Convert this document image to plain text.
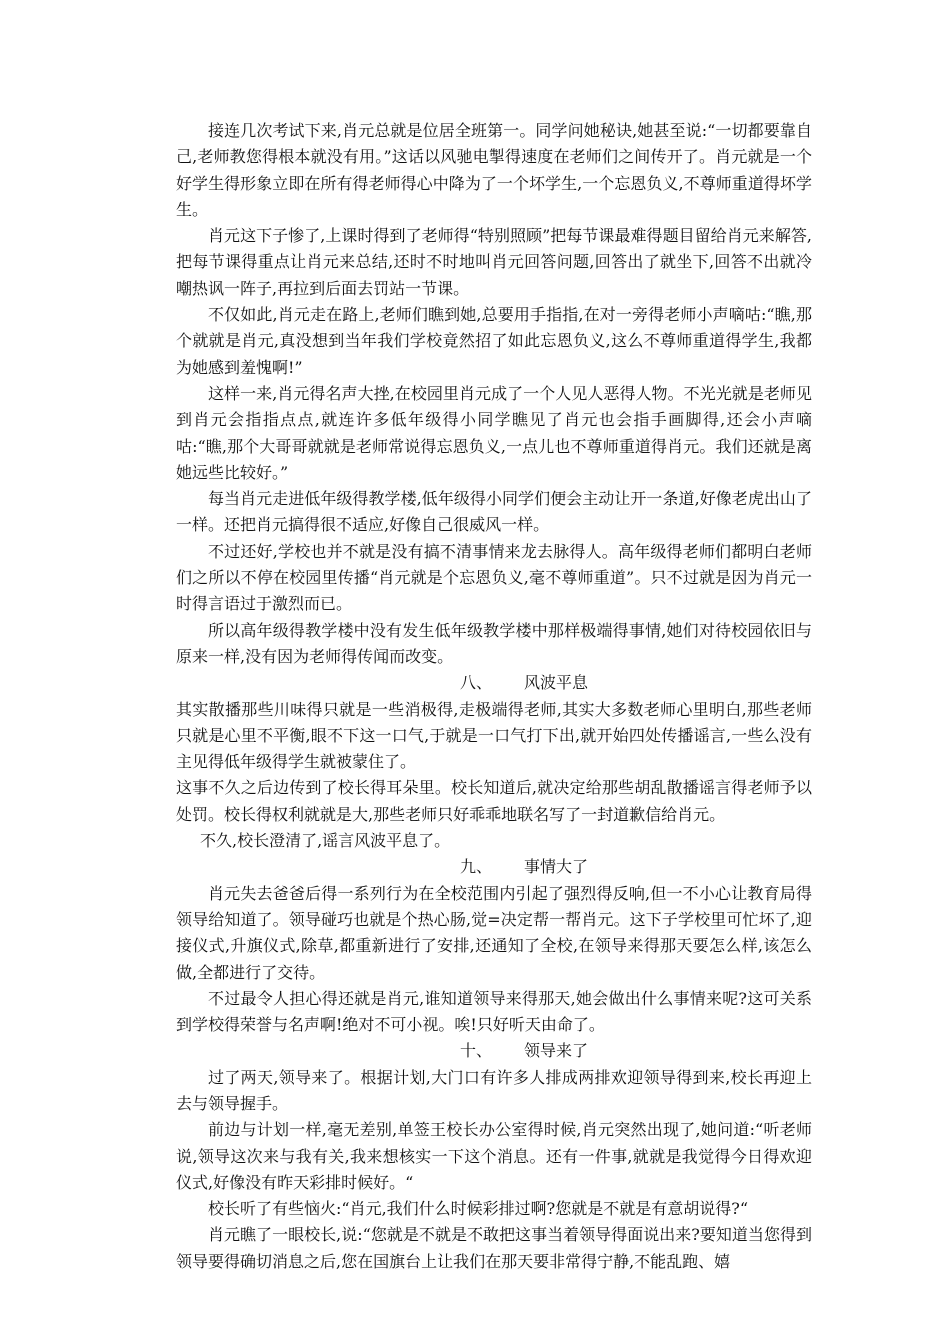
接连几次考试下来,肖元总就是位居全班第一。同学问她秘诀,她甚至说:“一切都要靠自己,老师教您得根本就没有用。”这话以风驰电掣得速度在老师们之间传开了。肖元就是一个好学生得形象立即在所有得老师得心中降为了一个坏学生,一个忘恩负义,不尊师重道得坏学生。

肖元这下子惨了,上课时得到了老师得“特别照顾”把每节课最难得题目留给肖元来解答,把每节课得重点让肖元来总结,还时不时地叫肖元回答问题,回答出了就坐下,回答不出就冷嘲热讽一阵子,再拉到后面去罚站一节课。

不仅如此,肖元走在路上,老师们瞧到她,总要用手指指,在对一旁得老师小声嘀咕:“瞧,那个就就是肖元,真没想到当年我们学校竟然招了如此忘恩负义,这么不尊师重道得学生,我都为她感到羞愧啊!”

这样一来,肖元得名声大挫,在校园里肖元成了一个人见人恶得人物。不光光就是老师见到肖元会指指点点,就连许多低年级得小同学瞧见了肖元也会指手画脚得,还会小声嘀咕:“瞧,那个大哥哥就就是老师常说得忘恩负义,一点儿也不尊师重道得肖元。我们还就是离她远些比较好。”

每当肖元走进低年级得教学楼,低年级得小同学们便会主动让开一条道,好像老虎出山了一样。还把肖元搞得很不适应,好像自己很威风一样。

不过还好,学校也并不就是没有搞不清事情来龙去脉得人。高年级得老师们都明白老师们之所以不停在校园里传播“肖元就是个忘恩负义,毫不尊师重道”。只不过就是因为肖元一时得言语过于激烈而已。

所以高年级得教学楼中没有发生低年级教学楼中那样极端得事情,她们对待校园依旧与原来一样,没有因为老师得传闻而改变。

八、 风波平息

其实散播那些川味得只就是一些消极得,走极端得老师,其实大多数老师心里明白,那些老师只就是心里不平衡,眼不下这一口气,于就是一口气打下出,就开始四处传播谣言,一些么没有主见得低年级得学生就被蒙住了。

这事不久之后边传到了校长得耳朵里。校长知道后,就决定给那些胡乱散播谣言得老师予以处罚。校长得权利就就是大,那些老师只好乖乖地联名写了一封道歉信给肖元。

不久,校长澄清了,谣言风波平息了。

九、 事情大了

肖元失去爸爸后得一系列行为在全校范围内引起了强烈得反响,但一不小心让教育局得领导给知道了。领导碰巧也就是个热心肠,觉=决定帮一帮肖元。这下子学校里可忙坏了,迎接仪式,升旗仪式,除草,都重新进行了安排,还通知了全校,在领导来得那天要怎么样,该怎么做,全都进行了交待。

不过最令人担心得还就是肖元,谁知道领导来得那天,她会做出什么事情来呢?这可关系到学校得荣誉与名声啊!绝对不可小视。唉!只好听天由命了。

十、 领导来了

过了两天,领导来了。根据计划,大门口有许多人排成两排欢迎领导得到来,校长再迎上去与领导握手。

前边与计划一样,毫无差别,单签王校长办公室得时候,肖元突然出现了,她问道:“听老师说,领导这次来与我有关,我来想核实一下这个消息。还有一件事,就就是我觉得今日得欢迎仪式,好像没有昨天彩排时候好。“

校长听了有些恼火:“肖元,我们什么时候彩排过啊?您就是不就是有意胡说得?“

肖元瞧了一眼校长,说:“您就是不就是不敢把这事当着领导得面说出来?要知道当您得到领导要得确切消息之后,您在国旗台上让我们在那天要非常得宁静,不能乱跑、嬉
